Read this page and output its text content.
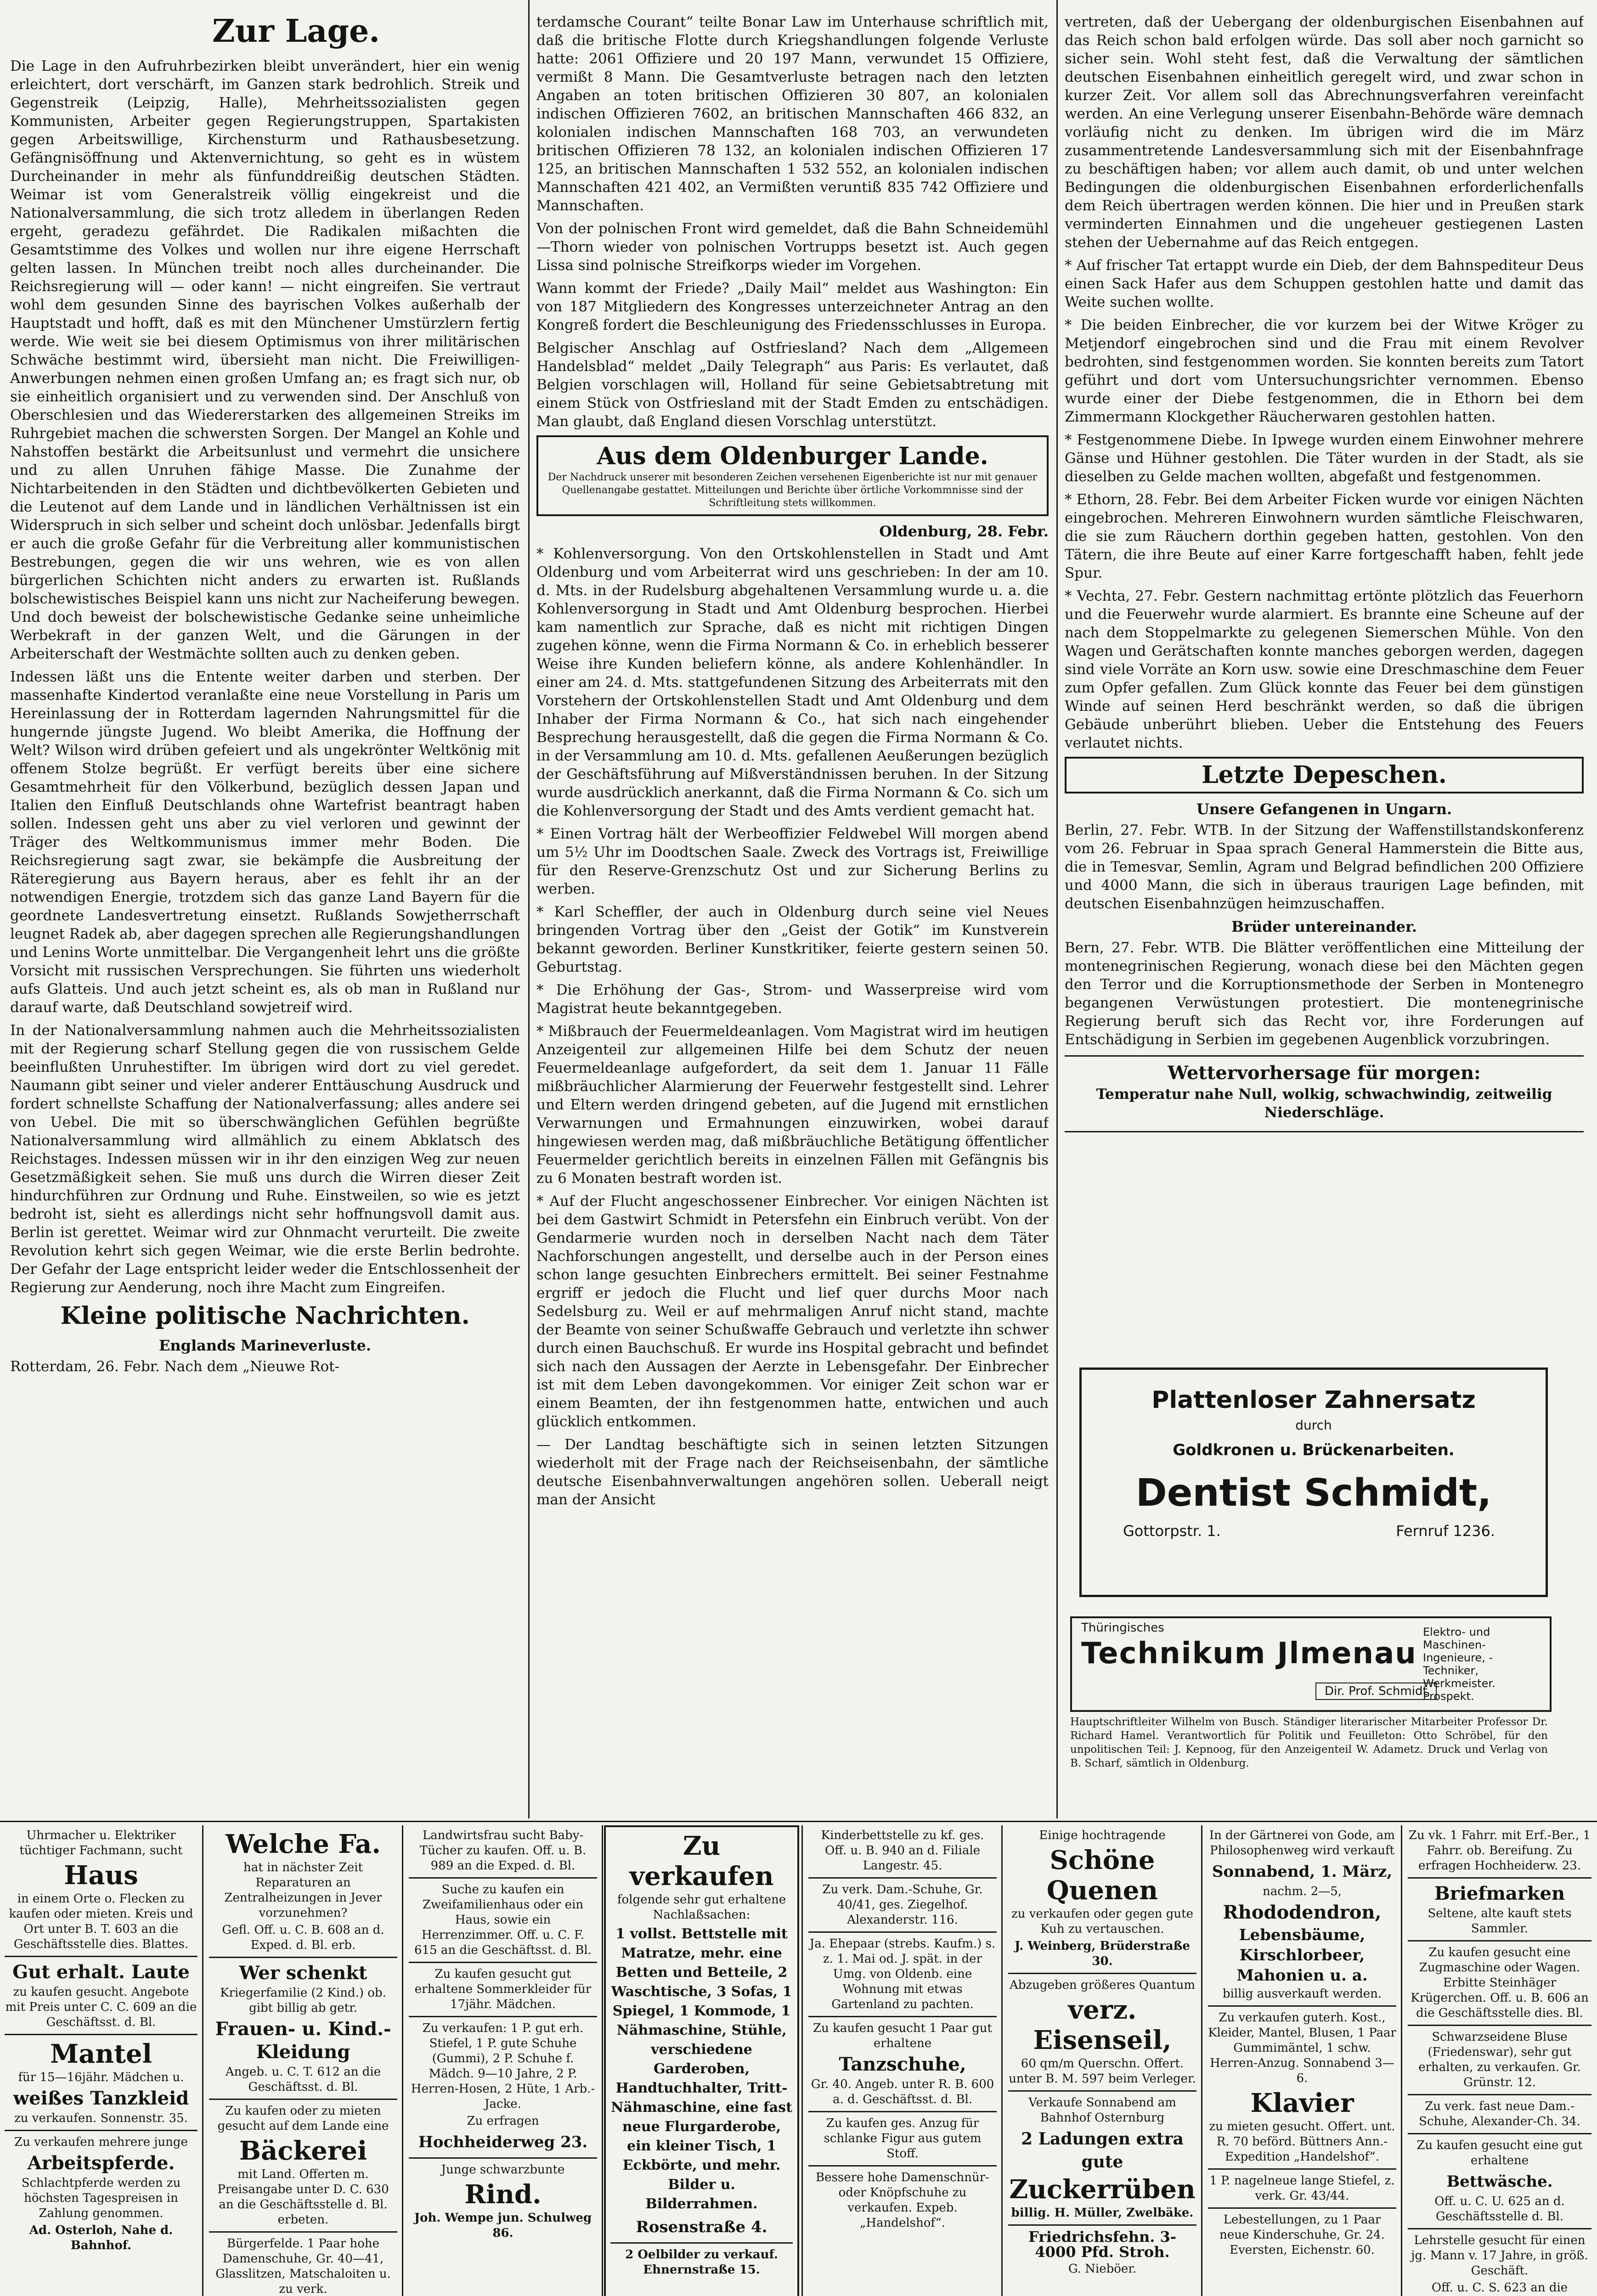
Zur Lage.

Die Lage in den Aufruhrbezirken bleibt unverändert, hier ein wenig erleichtert, dort verschärft, im Ganzen stark bedrohlich. Streik und Gegenstreik (Leipzig, Halle), Mehrheitssozialisten gegen Kommunisten, Arbeiter gegen Regierungstruppen, Spartakisten gegen Arbeitswillige, Kirchensturm und Rathausbesetzung. Gefängnisöffnung und Aktenvernichtung, so geht es in wüstem Durcheinander in mehr als fünfunddreißig deutschen Städten. Weimar ist vom Generalstreik völlig eingekreist und die Nationalversammlung, die sich trotz alledem in überlangen Reden ergeht, geradezu gefährdet. Die Radikalen mißachten die Gesamtstimme des Volkes und wollen nur ihre eigene Herrschaft gelten lassen. In München treibt noch alles durcheinander. Die Reichsregierung will — oder kann! — nicht eingreifen. Sie vertraut wohl dem gesunden Sinne des bayrischen Volkes außerhalb der Hauptstadt und hofft, daß es mit den Münchener Umstürzlern fertig werde. Wie weit sie bei diesem Optimismus von ihrer militärischen Schwäche bestimmt wird, übersieht man nicht. Die Freiwilligen-Anwerbungen nehmen einen großen Umfang an; es fragt sich nur, ob sie einheitlich organisiert und zu verwenden sind. Der Anschluß von Oberschlesien und das Wiedererstarken des allgemeinen Streiks im Ruhrgebiet machen die schwersten Sorgen. Der Mangel an Kohle und Nahstoffen bestärkt die Arbeitsunlust und vermehrt die unsichere und zu allen Unruhen fähige Masse. Die Zunahme der Nichtarbeitenden in den Städten und dichtbevölkerten Gebieten und die Leutenot auf dem Lande und in ländlichen Verhältnissen ist ein Widerspruch in sich selber und scheint doch unlösbar. Jedenfalls birgt er auch die große Gefahr für die Verbreitung aller kommunistischen Bestrebungen, gegen die wir uns wehren, wie es von allen bürgerlichen Schichten nicht anders zu erwarten ist. Rußlands bolschewistisches Beispiel kann uns nicht zur Nacheiferung bewegen. Und doch beweist der bolschewistische Gedanke seine unheimliche Werbekraft in der ganzen Welt, und die Gärungen in der Arbeiterschaft der Westmächte sollten auch zu denken geben.

Indessen läßt uns die Entente weiter darben und sterben. Der massenhafte Kindertod veranlaßte eine neue Vorstellung in Paris um Hereinlassung der in Rotterdam lagernden Nahrungsmittel für die hungernde jüngste Jugend. Wo bleibt Amerika, die Hoffnung der Welt? Wilson wird drüben gefeiert und als ungekrönter Weltkönig mit offenem Stolze begrüßt. Er verfügt bereits über eine sichere Gesamtmehrheit für den Völkerbund, bezüglich dessen Japan und Italien den Einfluß Deutschlands ohne Wartefrist beantragt haben sollen. Indessen geht uns aber zu viel verloren und gewinnt der Träger des Weltkommunismus immer mehr Boden. Die Reichsregierung sagt zwar, sie bekämpfe die Ausbreitung der Räteregierung aus Bayern heraus, aber es fehlt ihr an der notwendigen Energie, trotzdem sich das ganze Land Bayern für die geordnete Landesvertretung einsetzt. Rußlands Sowjetherrschaft leugnet Radek ab, aber dagegen sprechen alle Regierungshandlungen und Lenins Worte unmittelbar. Die Vergangenheit lehrt uns die größte Vorsicht mit russischen Versprechungen. Sie führten uns wiederholt aufs Glatteis. Und auch jetzt scheint es, als ob man in Rußland nur darauf warte, daß Deutschland sowjetreif wird.

In der Nationalversammlung nahmen auch die Mehrheitssozialisten mit der Regierung scharf Stellung gegen die von russischem Gelde beeinflußten Unruhestifter. Im übrigen wird dort zu viel geredet. Naumann gibt seiner und vieler anderer Enttäuschung Ausdruck und fordert schnellste Schaffung der Nationalverfassung; alles andere sei von Uebel. Die mit so überschwänglichen Gefühlen begrüßte Nationalversammlung wird allmählich zu einem Abklatsch des Reichstages. Indessen müssen wir in ihr den einzigen Weg zur neuen Gesetzmäßigkeit sehen. Sie muß uns durch die Wirren dieser Zeit hindurchführen zur Ordnung und Ruhe. Einstweilen, so wie es jetzt bedroht ist, sieht es allerdings nicht sehr hoffnungsvoll damit aus. Berlin ist gerettet. Weimar wird zur Ohnmacht verurteilt. Die zweite Revolution kehrt sich gegen Weimar, wie die erste Berlin bedrohte. Der Gefahr der Lage entspricht leider weder die Entschlossenheit der Regierung zur Aenderung, noch ihre Macht zum Eingreifen.

Kleine politische Nachrichten.
Englands Marineverluste.

Rotterdam, 26. Febr. Nach dem „Nieuwe Rot-

terdamsche Courant“ teilte Bonar Law im Unterhause schriftlich mit, daß die britische Flotte durch Kriegshandlungen folgende Verluste hatte: 2061 Offiziere und 20 197 Mann, verwundet 15 Offiziere, vermißt 8 Mann. Die Gesamtverluste betragen nach den letzten Angaben an toten britischen Offizieren 30 807, an kolonialen indischen Offizieren 7602, an britischen Mannschaften 466 832, an kolonialen indischen Mannschaften 168 703, an verwundeten britischen Offizieren 78 132, an kolonialen indischen Offizieren 17 125, an britischen Mannschaften 1 532 552, an kolonialen indischen Mannschaften 421 402, an Vermißten veruntiß 835 742 Offiziere und Mannschaften.

Von der polnischen Front wird gemeldet, daß die Bahn Schneidemühl—Thorn wieder von polnischen Vortrupps besetzt ist. Auch gegen Lissa sind polnische Streifkorps wieder im Vorgehen.

Wann kommt der Friede? „Daily Mail“ meldet aus Washington: Ein von 187 Mitgliedern des Kongresses unterzeichneter Antrag an den Kongreß fordert die Beschleunigung des Friedensschlusses in Europa.

Belgischer Anschlag auf Ostfriesland? Nach dem „Allgemeen Handelsblad“ meldet „Daily Telegraph“ aus Paris: Es verlautet, daß Belgien vorschlagen will, Holland für seine Gebietsabtretung mit einem Stück von Ostfriesland mit der Stadt Emden zu entschädigen. Man glaubt, daß England diesen Vorschlag unterstützt.

Aus dem Oldenburger Lande.
Der Nachdruck unserer mit besonderen Zeichen versehenen Eigenberichte ist nur mit genauer Quellenangabe gestattet. Mitteilungen und Berichte über örtliche Vorkommnisse sind der Schriftleitung stets willkommen.
Oldenburg, 28. Febr.

* Kohlenversorgung. Von den Ortskohlenstellen in Stadt und Amt Oldenburg und vom Arbeiterrat wird uns geschrieben: In der am 10. d. Mts. in der Rudelsburg abgehaltenen Versammlung wurde u. a. die Kohlenversorgung in Stadt und Amt Oldenburg besprochen. Hierbei kam namentlich zur Sprache, daß es nicht mit richtigen Dingen zugehen könne, wenn die Firma Normann & Co. in erheblich besserer Weise ihre Kunden beliefern könne, als andere Kohlenhändler. In einer am 24. d. Mts. stattgefundenen Sitzung des Arbeiterrats mit den Vorstehern der Ortskohlenstellen Stadt und Amt Oldenburg und dem Inhaber der Firma Normann & Co., hat sich nach eingehender Besprechung herausgestellt, daß die gegen die Firma Normann & Co. in der Versammlung am 10. d. Mts. gefallenen Aeußerungen bezüglich der Geschäftsführung auf Mißverständnissen beruhen. In der Sitzung wurde ausdrücklich anerkannt, daß die Firma Normann & Co. sich um die Kohlenversorgung der Stadt und des Amts verdient gemacht hat.

* Einen Vortrag hält der Werbeoffizier Feldwebel Will morgen abend um 5½ Uhr im Doodtschen Saale. Zweck des Vortrags ist, Freiwillige für den Reserve-Grenzschutz Ost und zur Sicherung Berlins zu werben.

* Karl Scheffler, der auch in Oldenburg durch seine viel Neues bringenden Vortrag über den „Geist der Gotik“ im Kunstverein bekannt geworden. Berliner Kunstkritiker, feierte gestern seinen 50. Geburtstag.

* Die Erhöhung der Gas-, Strom- und Wasserpreise wird vom Magistrat heute bekanntgegeben.

* Mißbrauch der Feuermeldeanlagen. Vom Magistrat wird im heutigen Anzeigenteil zur allgemeinen Hilfe bei dem Schutz der neuen Feuermeldeanlage aufgefordert, da seit dem 1. Januar 11 Fälle mißbräuchlicher Alarmierung der Feuerwehr festgestellt sind. Lehrer und Eltern werden dringend gebeten, auf die Jugend mit ernstlichen Verwarnungen und Ermahnungen einzuwirken, wobei darauf hingewiesen werden mag, daß mißbräuchliche Betätigung öffentlicher Feuermelder gerichtlich bereits in einzelnen Fällen mit Gefängnis bis zu 6 Monaten bestraft worden ist.

* Auf der Flucht angeschossener Einbrecher. Vor einigen Nächten ist bei dem Gastwirt Schmidt in Petersfehn ein Einbruch verübt. Von der Gendarmerie wurden noch in derselben Nacht nach dem Täter Nachforschungen angestellt, und derselbe auch in der Person eines schon lange gesuchten Einbrechers ermittelt. Bei seiner Festnahme ergriff er jedoch die Flucht und lief quer durchs Moor nach Sedelsburg zu. Weil er auf mehrmaligen Anruf nicht stand, machte der Beamte von seiner Schußwaffe Gebrauch und verletzte ihn schwer durch einen Bauchschuß. Er wurde ins Hospital gebracht und befindet sich nach den Aussagen der Aerzte in Lebensgefahr. Der Einbrecher ist mit dem Leben davongekommen. Vor einiger Zeit schon war er einem Beamten, der ihn festgenommen hatte, entwichen und auch glücklich entkommen.

— Der Landtag beschäftigte sich in seinen letzten Sitzungen wiederholt mit der Frage nach der Reichseisenbahn, der sämtliche deutsche Eisenbahnverwaltungen angehören sollen. Ueberall neigt man der Ansicht

vertreten, daß der Uebergang der oldenburgischen Eisenbahnen auf das Reich schon bald erfolgen würde. Das soll aber noch garnicht so sicher sein. Wohl steht fest, daß die Verwaltung der sämtlichen deutschen Eisenbahnen einheitlich geregelt wird, und zwar schon in kurzer Zeit. Vor allem soll das Abrechnungsverfahren vereinfacht werden. An eine Verlegung unserer Eisenbahn-Behörde wäre demnach vorläufig nicht zu denken. Im übrigen wird die im März zusammentretende Landesversammlung sich mit der Eisenbahnfrage zu beschäftigen haben; vor allem auch damit, ob und unter welchen Bedingungen die oldenburgischen Eisenbahnen erforderlichenfalls dem Reich übertragen werden können. Die hier und in Preußen stark verminderten Einnahmen und die ungeheuer gestiegenen Lasten stehen der Uebernahme auf das Reich entgegen.

* Auf frischer Tat ertappt wurde ein Dieb, der dem Bahnspediteur Deus einen Sack Hafer aus dem Schuppen gestohlen hatte und damit das Weite suchen wollte.

* Die beiden Einbrecher, die vor kurzem bei der Witwe Kröger zu Metjendorf eingebrochen sind und die Frau mit einem Revolver bedrohten, sind festgenommen worden. Sie konnten bereits zum Tatort geführt und dort vom Untersuchungsrichter vernommen. Ebenso wurde einer der Diebe festgenommen, die in Ethorn bei dem Zimmermann Klockgether Räucherwaren gestohlen hatten.

* Festgenommene Diebe. In Ipwege wurden einem Einwohner mehrere Gänse und Hühner gestohlen. Die Täter wurden in der Stadt, als sie dieselben zu Gelde machen wollten, abgefaßt und festgenommen.

* Ethorn, 28. Febr. Bei dem Arbeiter Ficken wurde vor einigen Nächten eingebrochen. Mehreren Einwohnern wurden sämtliche Fleischwaren, die sie zum Räuchern dorthin gegeben hatten, gestohlen. Von den Tätern, die ihre Beute auf einer Karre fortgeschafft haben, fehlt jede Spur.

* Vechta, 27. Febr. Gestern nachmittag ertönte plötzlich das Feuerhorn und die Feuerwehr wurde alarmiert. Es brannte eine Scheune auf der nach dem Stoppelmarkte zu gelegenen Siemerschen Mühle. Von den Wagen und Gerätschaften konnte manches geborgen werden, dagegen sind viele Vorräte an Korn usw. sowie eine Dreschmaschine dem Feuer zum Opfer gefallen. Zum Glück konnte das Feuer bei dem günstigen Winde auf seinen Herd beschränkt werden, so daß die übrigen Gebäude unberührt blieben. Ueber die Entstehung des Feuers verlautet nichts.

Letzte Depeschen.
Unsere Gefangenen in Ungarn.

Berlin, 27. Febr. WTB. In der Sitzung der Waffenstillstandskonferenz vom 26. Februar in Spaa sprach General Hammerstein die Bitte aus, die in Temesvar, Semlin, Agram und Belgrad befindlichen 200 Offiziere und 4000 Mann, die sich in überaus traurigen Lage befinden, mit deutschen Eisenbahnzügen heimzuschaffen.

Brüder untereinander.

Bern, 27. Febr. WTB. Die Blätter veröffentlichen eine Mitteilung der montenegrinischen Regierung, wonach diese bei den Mächten gegen den Terror und die Korruptionsmethode der Serben in Montenegro begangenen Verwüstungen protestiert. Die montenegrinische Regierung beruft sich das Recht vor, ihre Forderungen auf Entschädigung in Serbien im gegebenen Augenblick vorzubringen.

Wettervorhersage für morgen:

Temperatur nahe Null, wolkig, schwachwindig, zeitweilig Niederschläge.

Plattenloser Zahnersatz
durch
Goldkronen u. Brückenarbeiten.
Dentist Schmidt,
Gottorpstr. 1.	Fernruf 1236.
Thüringisches
Technikum Jlmenau
Elektro- und Maschinen-Ingenieure, -Techniker, Werkmeister. Prospekt.
Dir. Prof. Schmidt
Hauptschriftleiter Wilhelm von Busch. Ständiger literarischer Mitarbeiter Professor Dr. Richard Hamel. Verantwortlich für Politik und Feuilleton: Otto Schröbel, für den unpolitischen Teil: J. Kepnoog, für den Anzeigenteil W. Adametz. Druck und Verlag von B. Scharf, sämtlich in Oldenburg.

Uhrmacher u. Elektriker tüchtiger Fachmann, sucht

Haus

in einem Orte o. Flecken zu kaufen oder mieten. Kreis und Ort unter B. T. 603 an die Geschäftsstelle dies. Blattes.

Gut erhalt. Laute

zu kaufen gesucht. Angebote mit Preis unter C. C. 609 an die Geschäftsst. d. Bl.

Mantel

für 15—16jähr. Mädchen u.

weißes Tanzkleid

zu verkaufen. Sonnenstr. 35.

Zu verkaufen mehrere junge

Arbeitspferde.

Schlachtpferde werden zu höchsten Tagespreisen in Zahlung genommen.

Ad. Osterloh, Nahe d. Bahnhof.

Welche Fa.

hat in nächster Zeit Reparaturen an Zentralheizungen in Jever vorzunehmen?

Gefl. Off. u. C. B. 608 an d. Exped. d. Bl. erb.

Wer schenkt

Kriegerfamilie (2 Kind.) ob. gibt billig ab getr.

Frauen- u. Kind.-Kleidung

Angeb. u. C. T. 612 an die Geschäftsst. d. Bl.

Zu kaufen oder zu mieten gesucht auf dem Lande eine

Bäckerei

mit Land. Offerten m. Preisangabe unter D. C. 630 an die Geschäftsstelle d. Bl. erbeten.

Bürgerfelde. 1 Paar hohe Damenschuhe, Gr. 40—41, Glasslitzen, Matschaloiten u. zu verk.

Landwirtsfrau sucht Baby-Tücher zu kaufen. Off. u. B. 989 an die Exped. d. Bl.

Suche zu kaufen ein Zweifamilienhaus oder ein Haus, sowie ein Herrenzimmer. Off. u. C. F. 615 an die Geschäftsst. d. Bl.

Zu kaufen gesucht gut erhaltene Sommerkleider für 17jähr. Mädchen.

Zu verkaufen: 1 P. gut erh. Stiefel, 1 P. gute Schuhe (Gummi), 2 P. Schuhe f. Mädch. 9—10 Jahre, 2 P. Herren-Hosen, 2 Hüte, 1 Arb.-Jacke.

Zu erfragen

Hochheiderweg 23.

Junge schwarzbunte

Rind.

Joh. Wempe jun. Schulweg 86.

Zu verkaufen

folgende sehr gut erhaltene Nachlaßsachen:

1 vollst. Bettstelle mit Matratze, mehr. eine Betten und Betteile, 2 Waschtische, 3 Sofas, 1 Spiegel, 1 Kommode, 1 Nähmaschine, Stühle, verschiedene Garderoben, Handtuchhalter, Tritt-Nähmaschine, eine fast neue Flurgarderobe, ein kleiner Tisch, 1 Eckbörte, und mehr. Bilder u. Bilderrahmen.

Rosenstraße 4.

2 Oelbilder zu verkauf. Ehnernstraße 15.

Kinderbettstelle zu kf. ges. Off. u. B. 940 an d. Filiale Langestr. 45.

Zu verk. Dam.-Schuhe, Gr. 40/41, ges. Ziegelhof. Alexanderstr. 116.

Ja. Ehepaar (strebs. Kaufm.) s. z. 1. Mai od. J. spät. in der Umg. von Oldenb. eine Wohnung mit etwas Gartenland zu pachten.

Zu kaufen gesucht 1 Paar gut erhaltene

Tanzschuhe,

Gr. 40. Angeb. unter R. B. 600 a. d. Geschäftsst. d. Bl.

Zu kaufen ges. Anzug für schlanke Figur aus gutem Stoff.

Bessere hohe Damenschnür- oder Knöpfschuhe zu verkaufen. Expeb. „Handelshof“.

Einige hochtragende

Schöne Quenen

zu verkaufen oder gegen gute Kuh zu vertauschen.

J. Weinberg, Brüderstraße 30.

Abzugeben größeres Quantum

verz. Eisenseil,

60 qm/m Querschn. Offert. unter B. M. 597 beim Verleger.

Verkaufe Sonnabend am Bahnhof Osternburg

2 Ladungen extra gute
Zuckerrüben

billig. H. Müller, Zwelbäke.

Friedrichsfehn. 3-4000 Pfd. Stroh.

G. Nieböer.

In der Gärtnerei von Gode, am Philosophenweg wird verkauft

Sonnabend, 1. März,

nachm. 2—5,

Rhododendron,
Lebensbäume, Kirschlorbeer, Mahonien u. a.

billig ausverkauft werden.

Zu verkaufen guterh. Kost., Kleider, Mantel, Blusen, 1 Paar Gummimäntel, 1 schw. Herren-Anzug. Sonnabend 3—6.

Klavier

zu mieten gesucht. Offert. unt. R. 70 beförd. Büttners Ann.-Expedition „Handelshof“.

1 P. nagelneue lange Stiefel, z. verk. Gr. 43/44.

Lebestellungen, zu 1 Paar neue Kinderschuhe, Gr. 24. Eversten, Eichenstr. 60.

Zu vk. 1 Fahrr. mit Erf.-Ber., 1 Fahrr. ob. Bereifung. Zu erfragen Hochheiderw. 23.

Briefmarken

Seltene, alte kauft stets Sammler.

Zu kaufen gesucht eine Zugmaschine oder Wagen. Erbitte Steinhäger Krügerchen. Off. u. B. 606 an die Geschäftsstelle dies. Bl.

Schwarzseidene Bluse (Friedenswar), sehr gut erhalten, zu verkaufen. Gr. Grünstr. 12.

Zu verk. fast neue Dam.-Schuhe, Alexander-Ch. 34.

Zu kaufen gesucht eine gut erhaltene

Bettwäsche.

Off. u. C. U. 625 an d. Geschäftsstelle d. Bl.

Lehrstelle gesucht für einen jg. Mann v. 17 Jahre, in größ. Geschäft.

Off. u. C. S. 623 an die
